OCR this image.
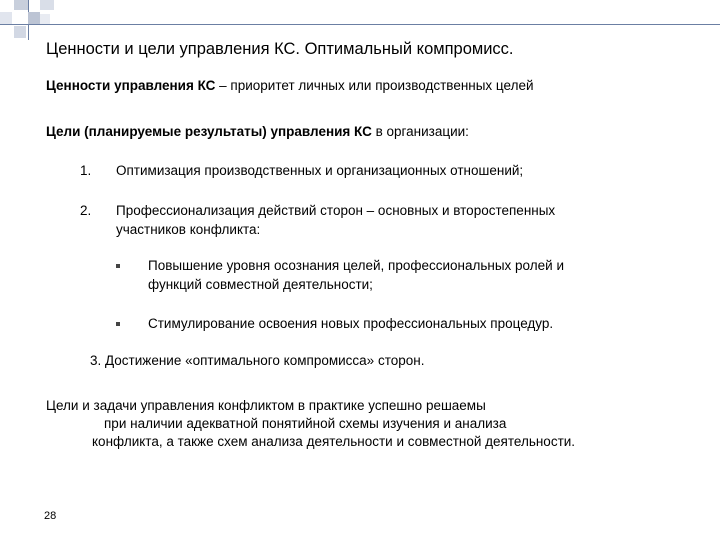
Ценности и цели управления КС. Оптимальный компромисс.
Ценности управления КС – приоритет личных или производственных целей
Цели (планируемые результаты) управления КС в организации:
1. Оптимизация производственных и организационных отношений;
2. Профессионализация действий сторон – основных и второстепенных
участников конфликта:
Повышение уровня осознания целей, профессиональных ролей и
функций совместной деятельности;
Стимулирование освоения новых профессиональных процедур.
3. Достижение «оптимального компромисса» сторон.
Цели и задачи управления конфликтом в практике успешно решаемы
при наличии адекватной понятийной схемы изучения и анализа
конфликта, а также схем анализа деятельности и совместной деятельности.
28
